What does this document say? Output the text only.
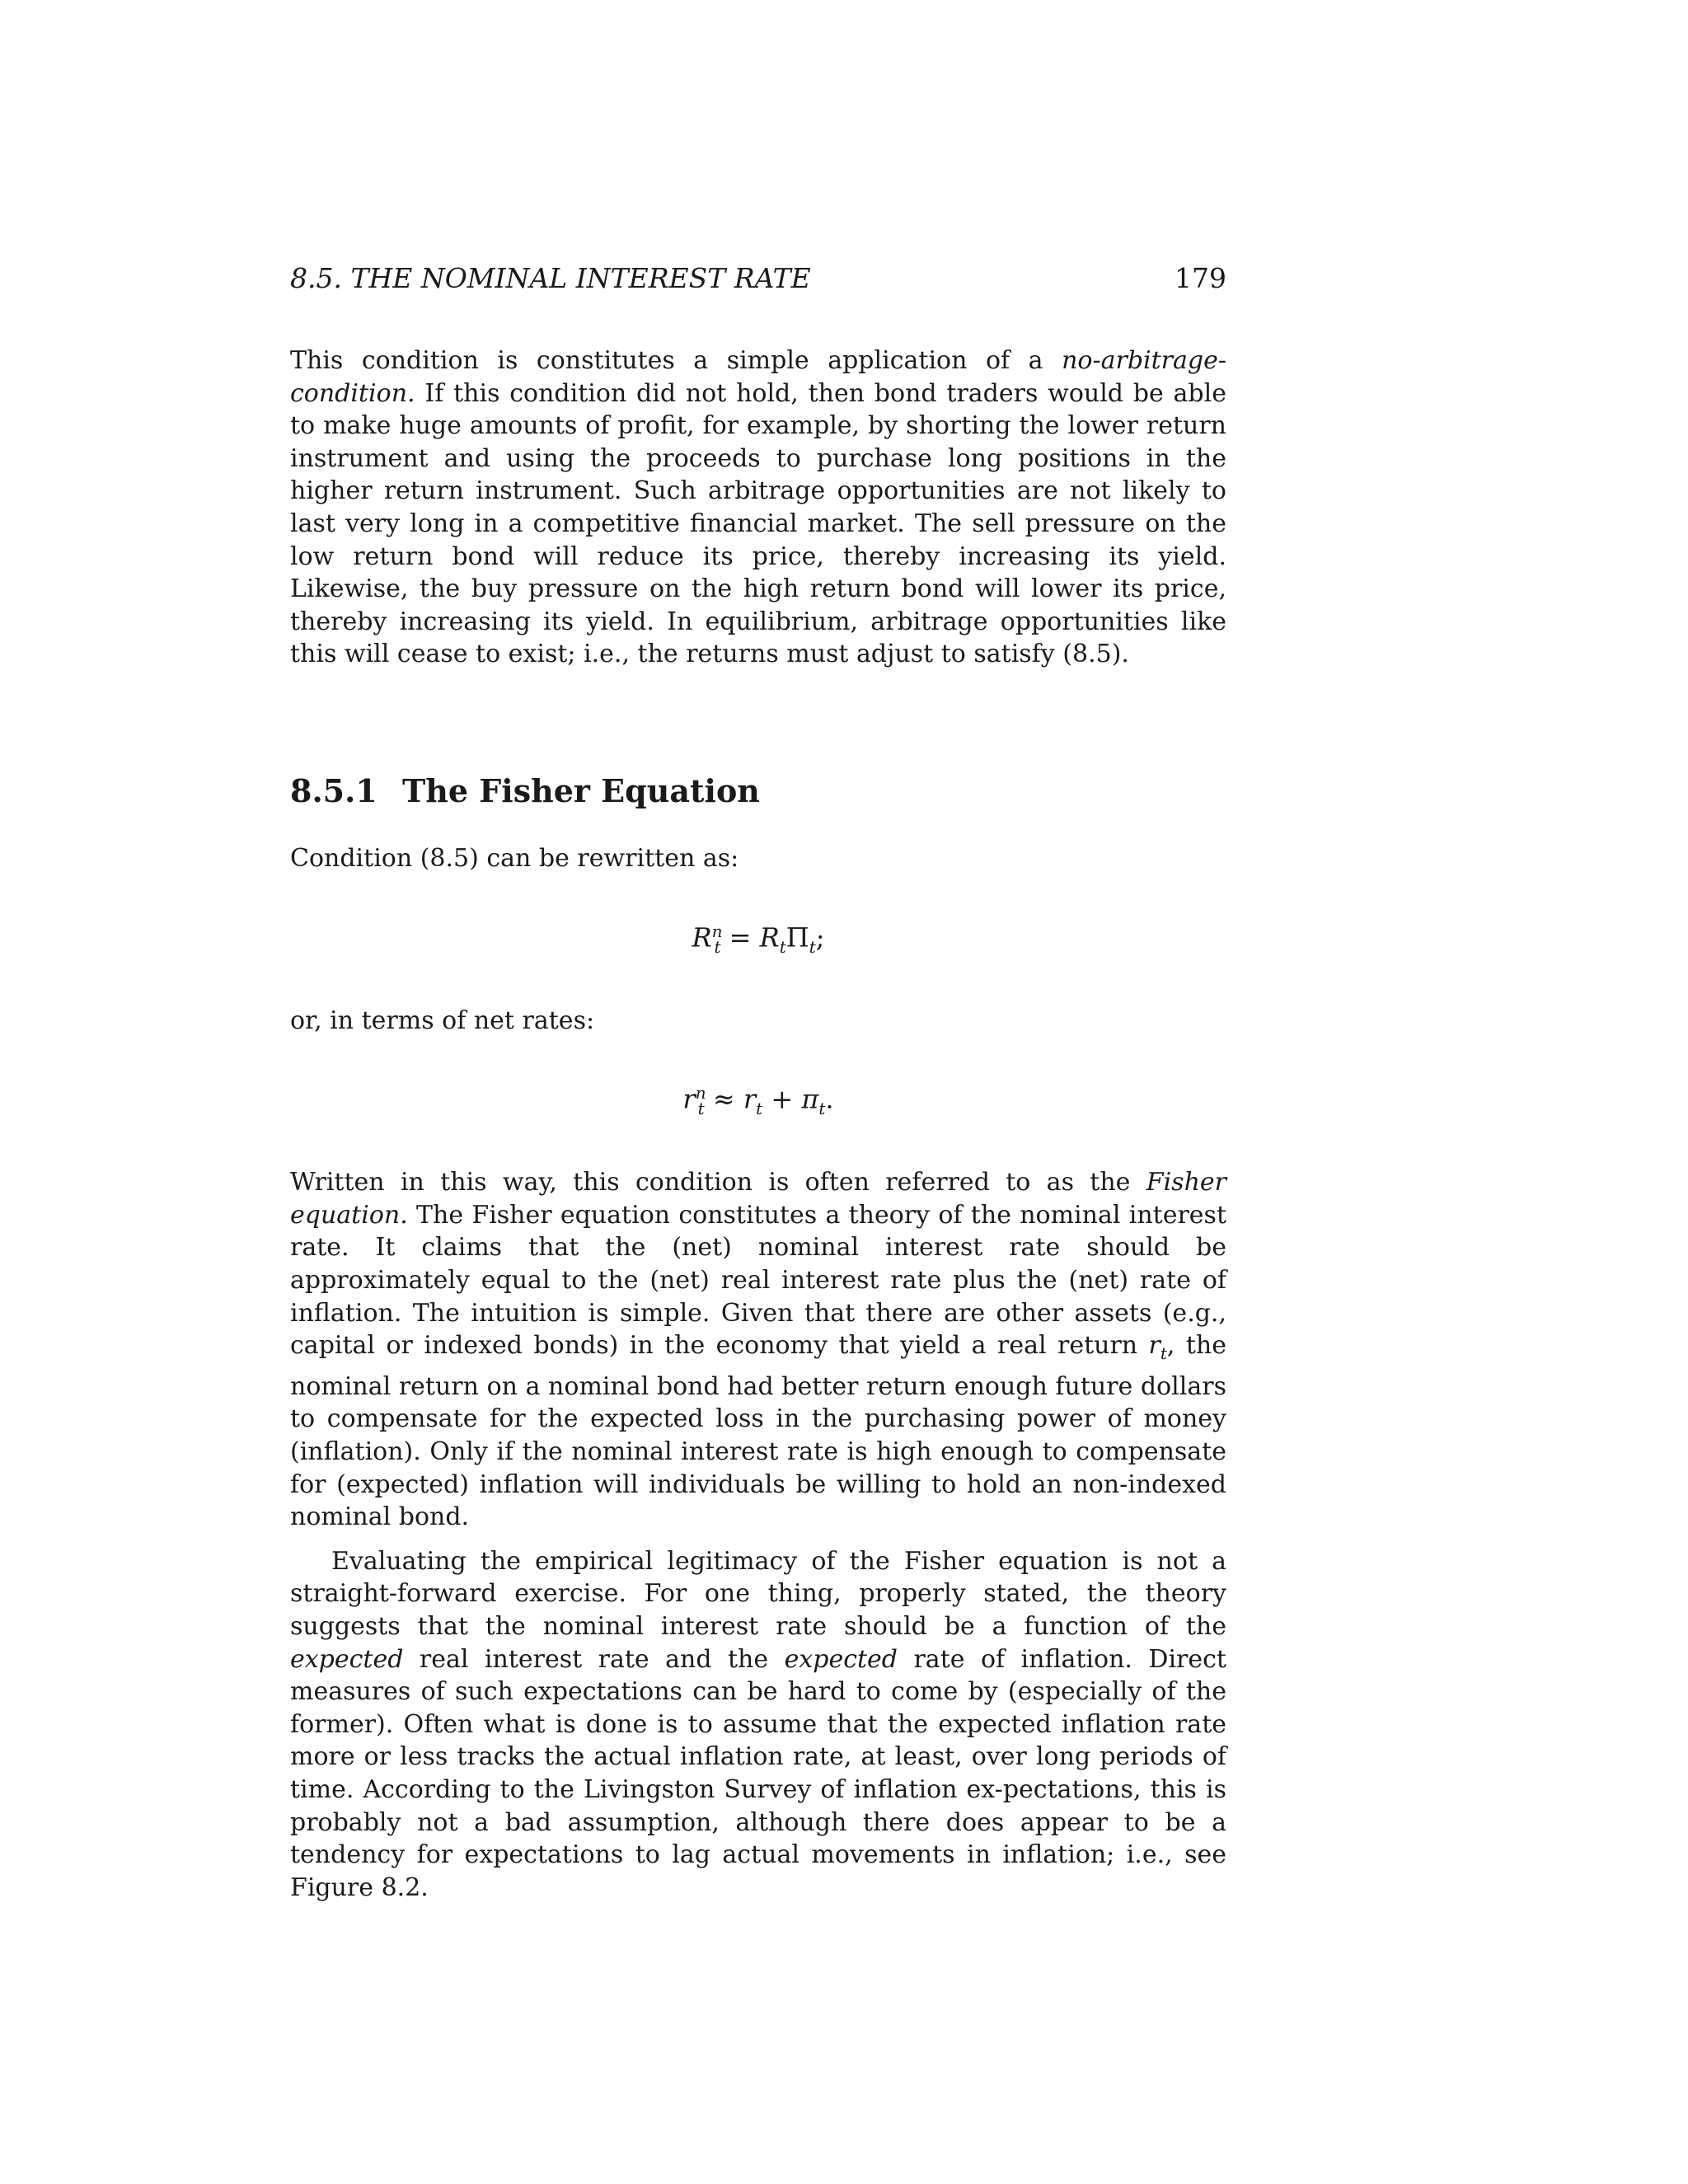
8.5. THE NOMINAL INTEREST RATE	179

This condition is constitutes a simple application of a no-arbitrage-condition. If this condition did not hold, then bond traders would be able to make huge amounts of profit, for example, by shorting the lower return instrument and using the proceeds to purchase long positions in the higher return instrument. Such arbitrage opportunities are not likely to last very long in a competitive financial market. The sell pressure on the low return bond will reduce its price, thereby increasing its yield. Likewise, the buy pressure on the high return bond will lower its price, thereby increasing its yield. In equilibrium, arbitrage opportunities like this will cease to exist; i.e., the returns must adjust to satisfy (8.5).

8.5.1 The Fisher Equation

Condition (8.5) can be rewritten as:

$R^n_t = R_t\Pi_t$;

or, in terms of net rates:

$r^n_t \approx r_t + \pi_t$.

Written in this way, this condition is often referred to as the Fisher equation. The Fisher equation constitutes a theory of the nominal interest rate. It claims that the (net) nominal interest rate should be approximately equal to the (net) real interest rate plus the (net) rate of inflation. The intuition is simple. Given that there are other assets (e.g., capital or indexed bonds) in the economy that yield a real return $r_t$, the nominal return on a nominal bond had better return enough future dollars to compensate for the expected loss in the purchasing power of money (inflation). Only if the nominal interest rate is high enough to compensate for (expected) inflation will individuals be willing to hold an non-indexed nominal bond.

Evaluating the empirical legitimacy of the Fisher equation is not a straight-forward exercise. For one thing, properly stated, the theory suggests that the nominal interest rate should be a function of the expected real interest rate and the expected rate of inflation. Direct measures of such expectations can be hard to come by (especially of the former). Often what is done is to assume that the expected inflation rate more or less tracks the actual inflation rate, at least, over long periods of time. According to the Livingston Survey of inflation ex-pectations, this is probably not a bad assumption, although there does appear to be a tendency for expectations to lag actual movements in inflation; i.e., see Figure 8.2.
